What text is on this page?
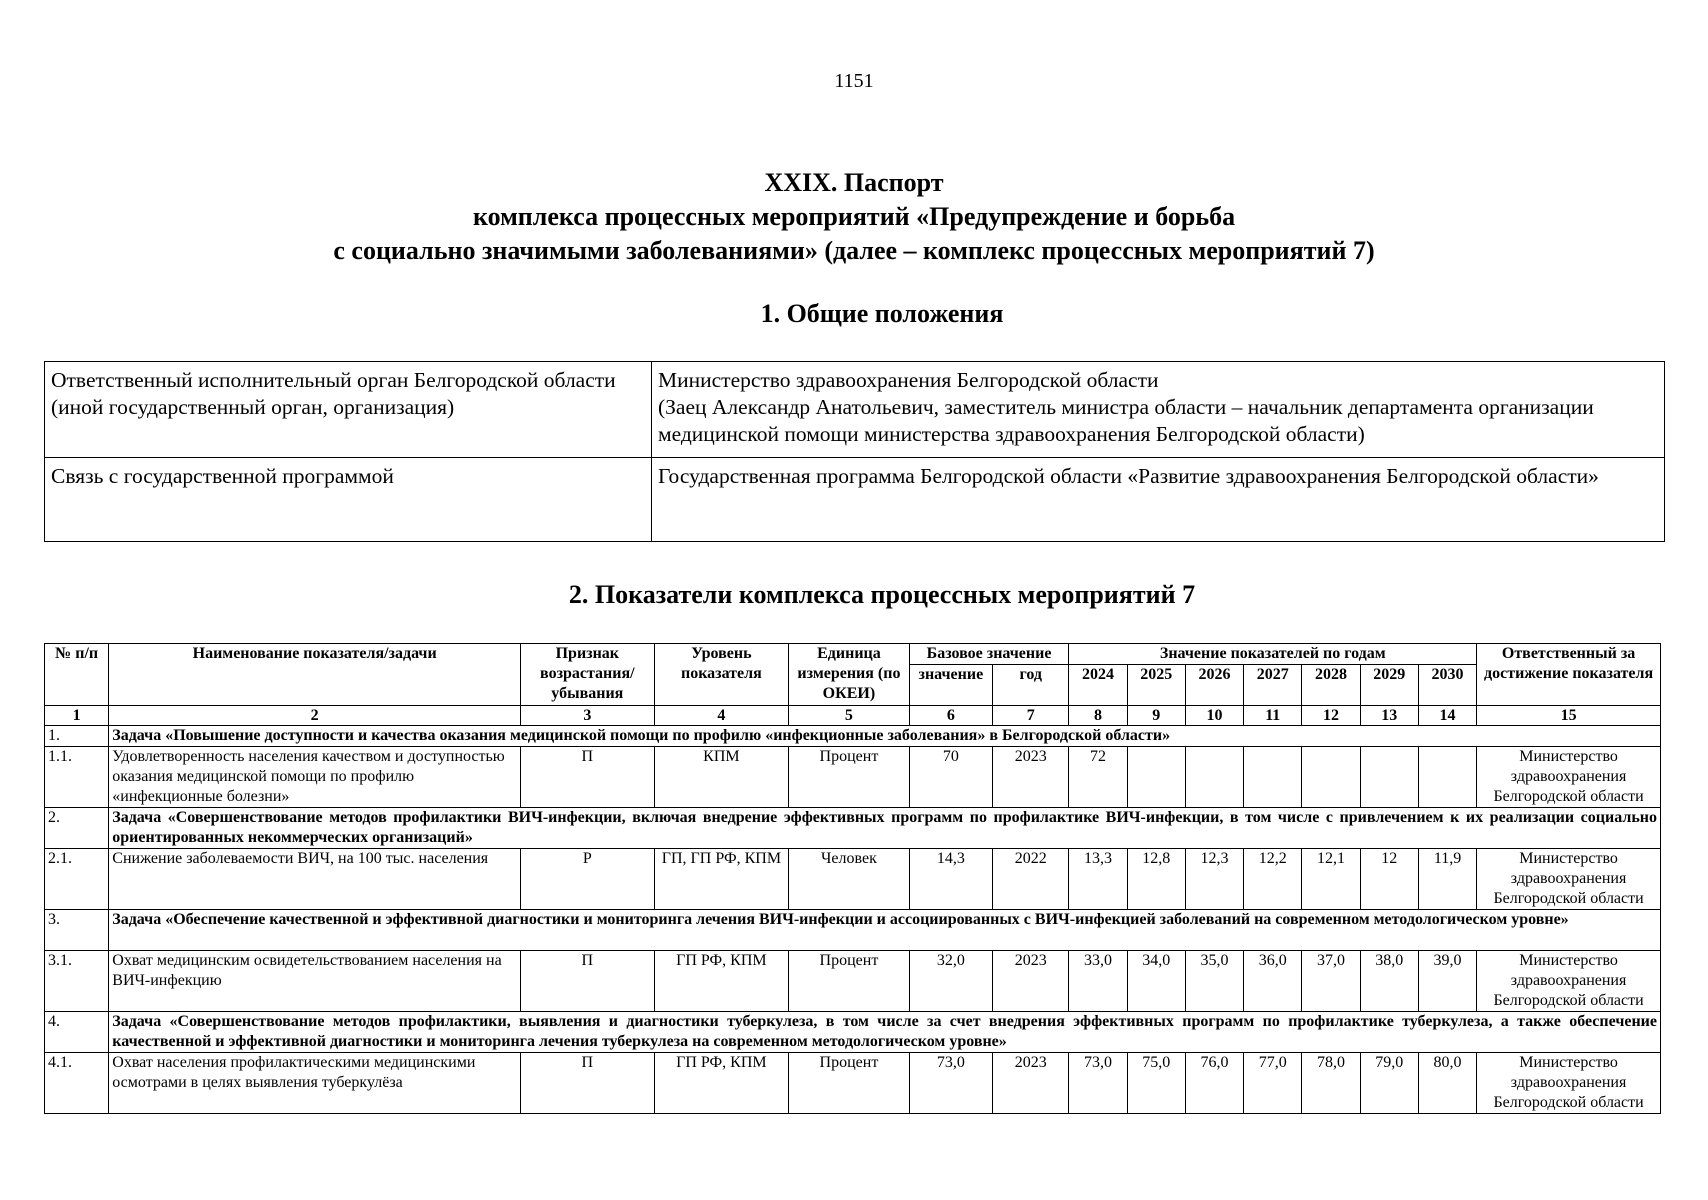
1151
XXIX. Паспорт
комплекса процессных мероприятий «Предупреждение и борьба
с социально значимыми заболеваниями» (далее – комплекс процессных мероприятий 7)
1. Общие положения
Ответственный исполнительный орган Белгородской области (иной государственный орган, организация)	Министерство здравоохранения Белгородской области
(Заец Александр Анатольевич, заместитель министра области – начальник департамента организации медицинской помощи министерства здравоохранения Белгородской области)

Связь с государственной программой	Государственная программа Белгородской области «Развитие здравоохранения Белгородской области»
2. Показатели комплекса процессных мероприятий 7
№ п/п	Наименование показателя/задачи	Признак возрастания/ убывания	Уровень показателя	Единица измерения (по ОКЕИ)	Базовое значение		Значение показателей по годам							Ответственный за достижение показателя
					значение	год	2024	2025	2026	2027	2028	2029	2030	
1	2	3	4	5	6	7	8	9	10	11	12	13	14	15
1.	Задача «Повышение доступности и качества оказания медицинской помощи по профилю «инфекционные заболевания» в Белгородской области»													
1.1.	Удовлетворенность населения качеством и доступностью оказания медицинской помощи по профилю «инфекционные болезни»	П	КПМ	Процент	70	2023	72							Министерство здравоохранения Белгородской области
2.	Задача «Совершенствование методов профилактики ВИЧ-инфекции, включая внедрение эффективных программ по профилактике ВИЧ-инфекции, в том числе с привлечением к их реализации социально ориентированных некоммерческих организаций»													
2.1.	Снижение заболеваемости ВИЧ, на 100 тыс. населения	Р	ГП, ГП РФ, КПМ	Человек	14,3	2022	13,3	12,8	12,3	12,2	12,1	12	11,9	Министерство здравоохранения Белгородской области
3.	Задача «Обеспечение качественной и эффективной диагностики и мониторинга лечения ВИЧ-инфекции и ассоциированных с ВИЧ-инфекцией заболеваний на современном методологическом уровне»													
3.1.	Охват медицинским освидетельствованием населения на ВИЧ-инфекцию	П	ГП РФ, КПМ	Процент	32,0	2023	33,0	34,0	35,0	36,0	37,0	38,0	39,0	Министерство здравоохранения Белгородской области
4.	Задача «Совершенствование методов профилактики, выявления и диагностики туберкулеза, в том числе за счет внедрения эффективных программ по профилактике туберкулеза, а также обеспечение качественной и эффективной диагностики и мониторинга лечения туберкулеза на современном методологическом уровне»													
4.1.	Охват населения профилактическими медицинскими осмотрами в целях выявления туберкулёза	П	ГП РФ, КПМ	Процент	73,0	2023	73,0	75,0	76,0	77,0	78,0	79,0	80,0	Министерство здравоохранения Белгородской области
